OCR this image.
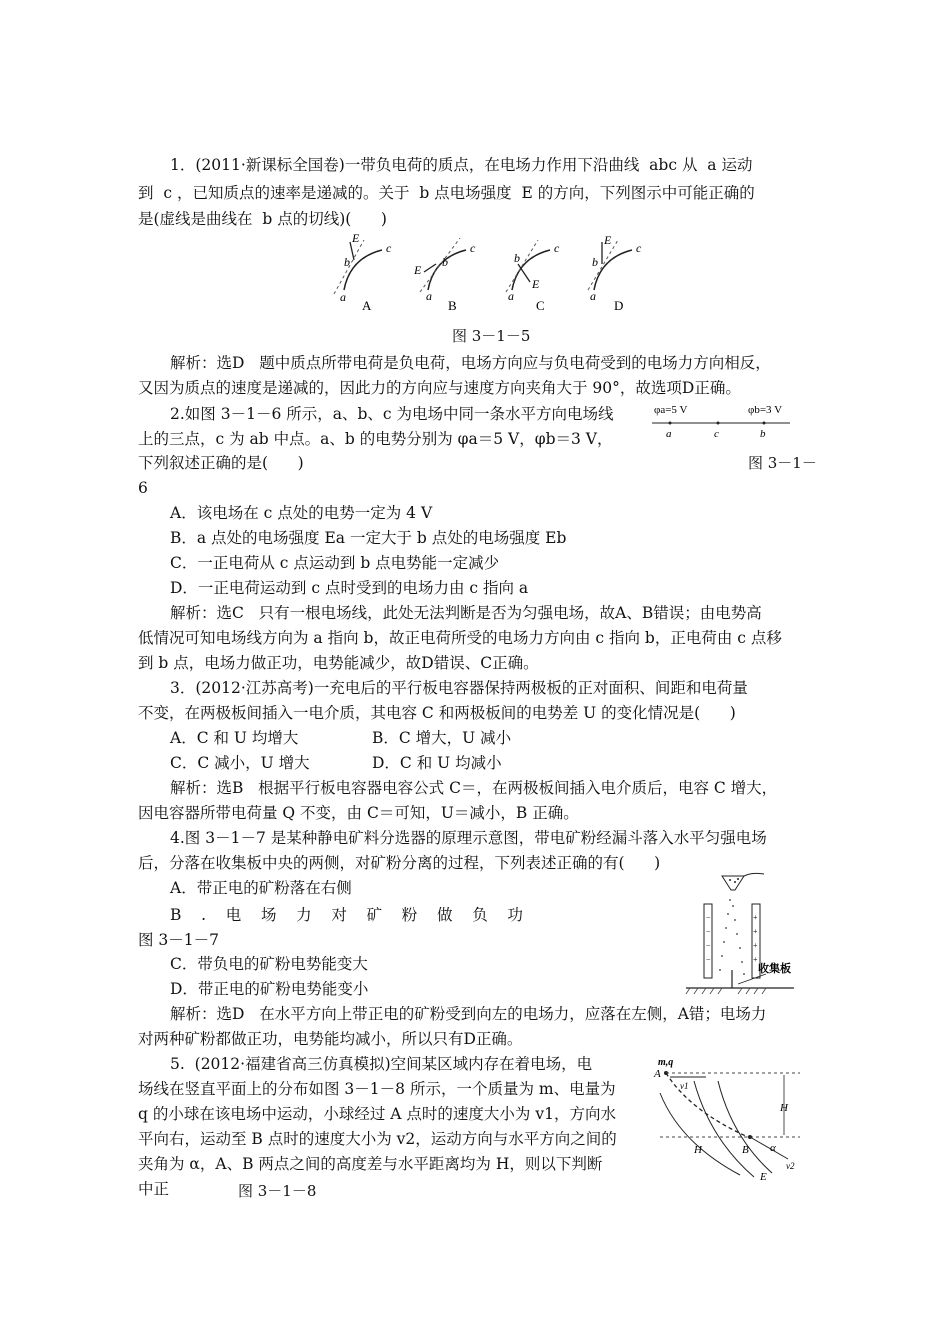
1．(2011·新课标全国卷)一带负电荷的质点，在电场力作用下沿曲线  abc 从  a 运动
到  c ，已知质点的速率是递减的。关于  b 点电场强度  E 的方向，下列图示中可能正确的
是(虚线是曲线在  b 点的切线)(      )
a
b
c
E
A
a
b
c
E
B
a
b
c
E
C
a
b
c
E
D
图 3－1－5
解析：选D   题中质点所带电荷是负电荷，电场方向应与负电荷受到的电场力方向相反，
又因为质点的速度是递减的，因此力的方向应与速度方向夹角大于 90°，故选项D正确。
2.如图 3－1－6 所示，a、b、c 为电场中同一条水平方向电场线
上的三点，c 为 ab 中点。a、b 的电势分别为 φa＝5 V，φb＝3 V，
下列叙述正确的是(      )
φa=5 V	φb=3 V
a	c	b
图 3－1－
6
A．该电场在 c 点处的电势一定为 4 V
B．a 点处的电场强度 Ea 一定大于 b 点处的电场强度 Eb
C．一正电荷从 c 点运动到 b 点电势能一定减少
D．一正电荷运动到 c 点时受到的电场力由 c 指向 a
解析：选C   只有一根电场线，此处无法判断是否为匀强电场，故A、B错误；由电势高
低情况可知电场线方向为 a 指向 b，故正电荷所受的电场力方向由 c 指向 b，正电荷由 c 点移
到 b 点，电场力做正功，电势能减少，故D错误、C正确。
3．(2012·江苏高考)一充电后的平行板电容器保持两极板的正对面积、间距和电荷量
不变，在两极板间插入一电介质，其电容 C 和两极板间的电势差 U 的变化情况是(      )
A．C 和 U 均增大	B．C 增大，U 减小
C．C 减小，U 增大	D．C 和 U 均减小
解析：选B   根据平行板电容器电容公式 C＝，在两极板间插入电介质后，电容 C 增大，
因电容器所带电荷量 Q 不变，由 C＝可知，U＝减小，B 正确。
4.图 3－1－7 是某种静电矿料分选器的原理示意图，带电矿粉经漏斗落入水平匀强电场
后，分落在收集板中央的两侧，对矿粉分离的过程，下列表述正确的有(      )
A．带正电的矿粉落在右侧
B    .    电    场    力    对    矿    粉    做    负    功
图 3－1－7
C．带负电的矿粉电势能变大
D．带正电的矿粉电势能变小
−
−
−
−
+
+
+
+
收集板
解析：选D   在水平方向上带正电的矿粉受到向左的电场力，应落在左侧，A错；电场力
对两种矿粉都做正功，电势能均减小，所以只有D正确。
5.  (2012·福建省高三仿真模拟)空间某区域内存在着电场，电
场线在竖直平面上的分布如图 3－1－8 所示，一个质量为 m、电量为
q 的小球在该电场中运动，小球经过 A 点时的速度大小为 v1，方向水
平向右，运动至 B 点时的速度大小为 v2，运动方向与水平方向之间的
夹角为 α，A、B 两点之间的高度差与水平距离均为 H，则以下判断
中正	图 3－1－8
m,q
A
v1
H
H	B α
v2
E
